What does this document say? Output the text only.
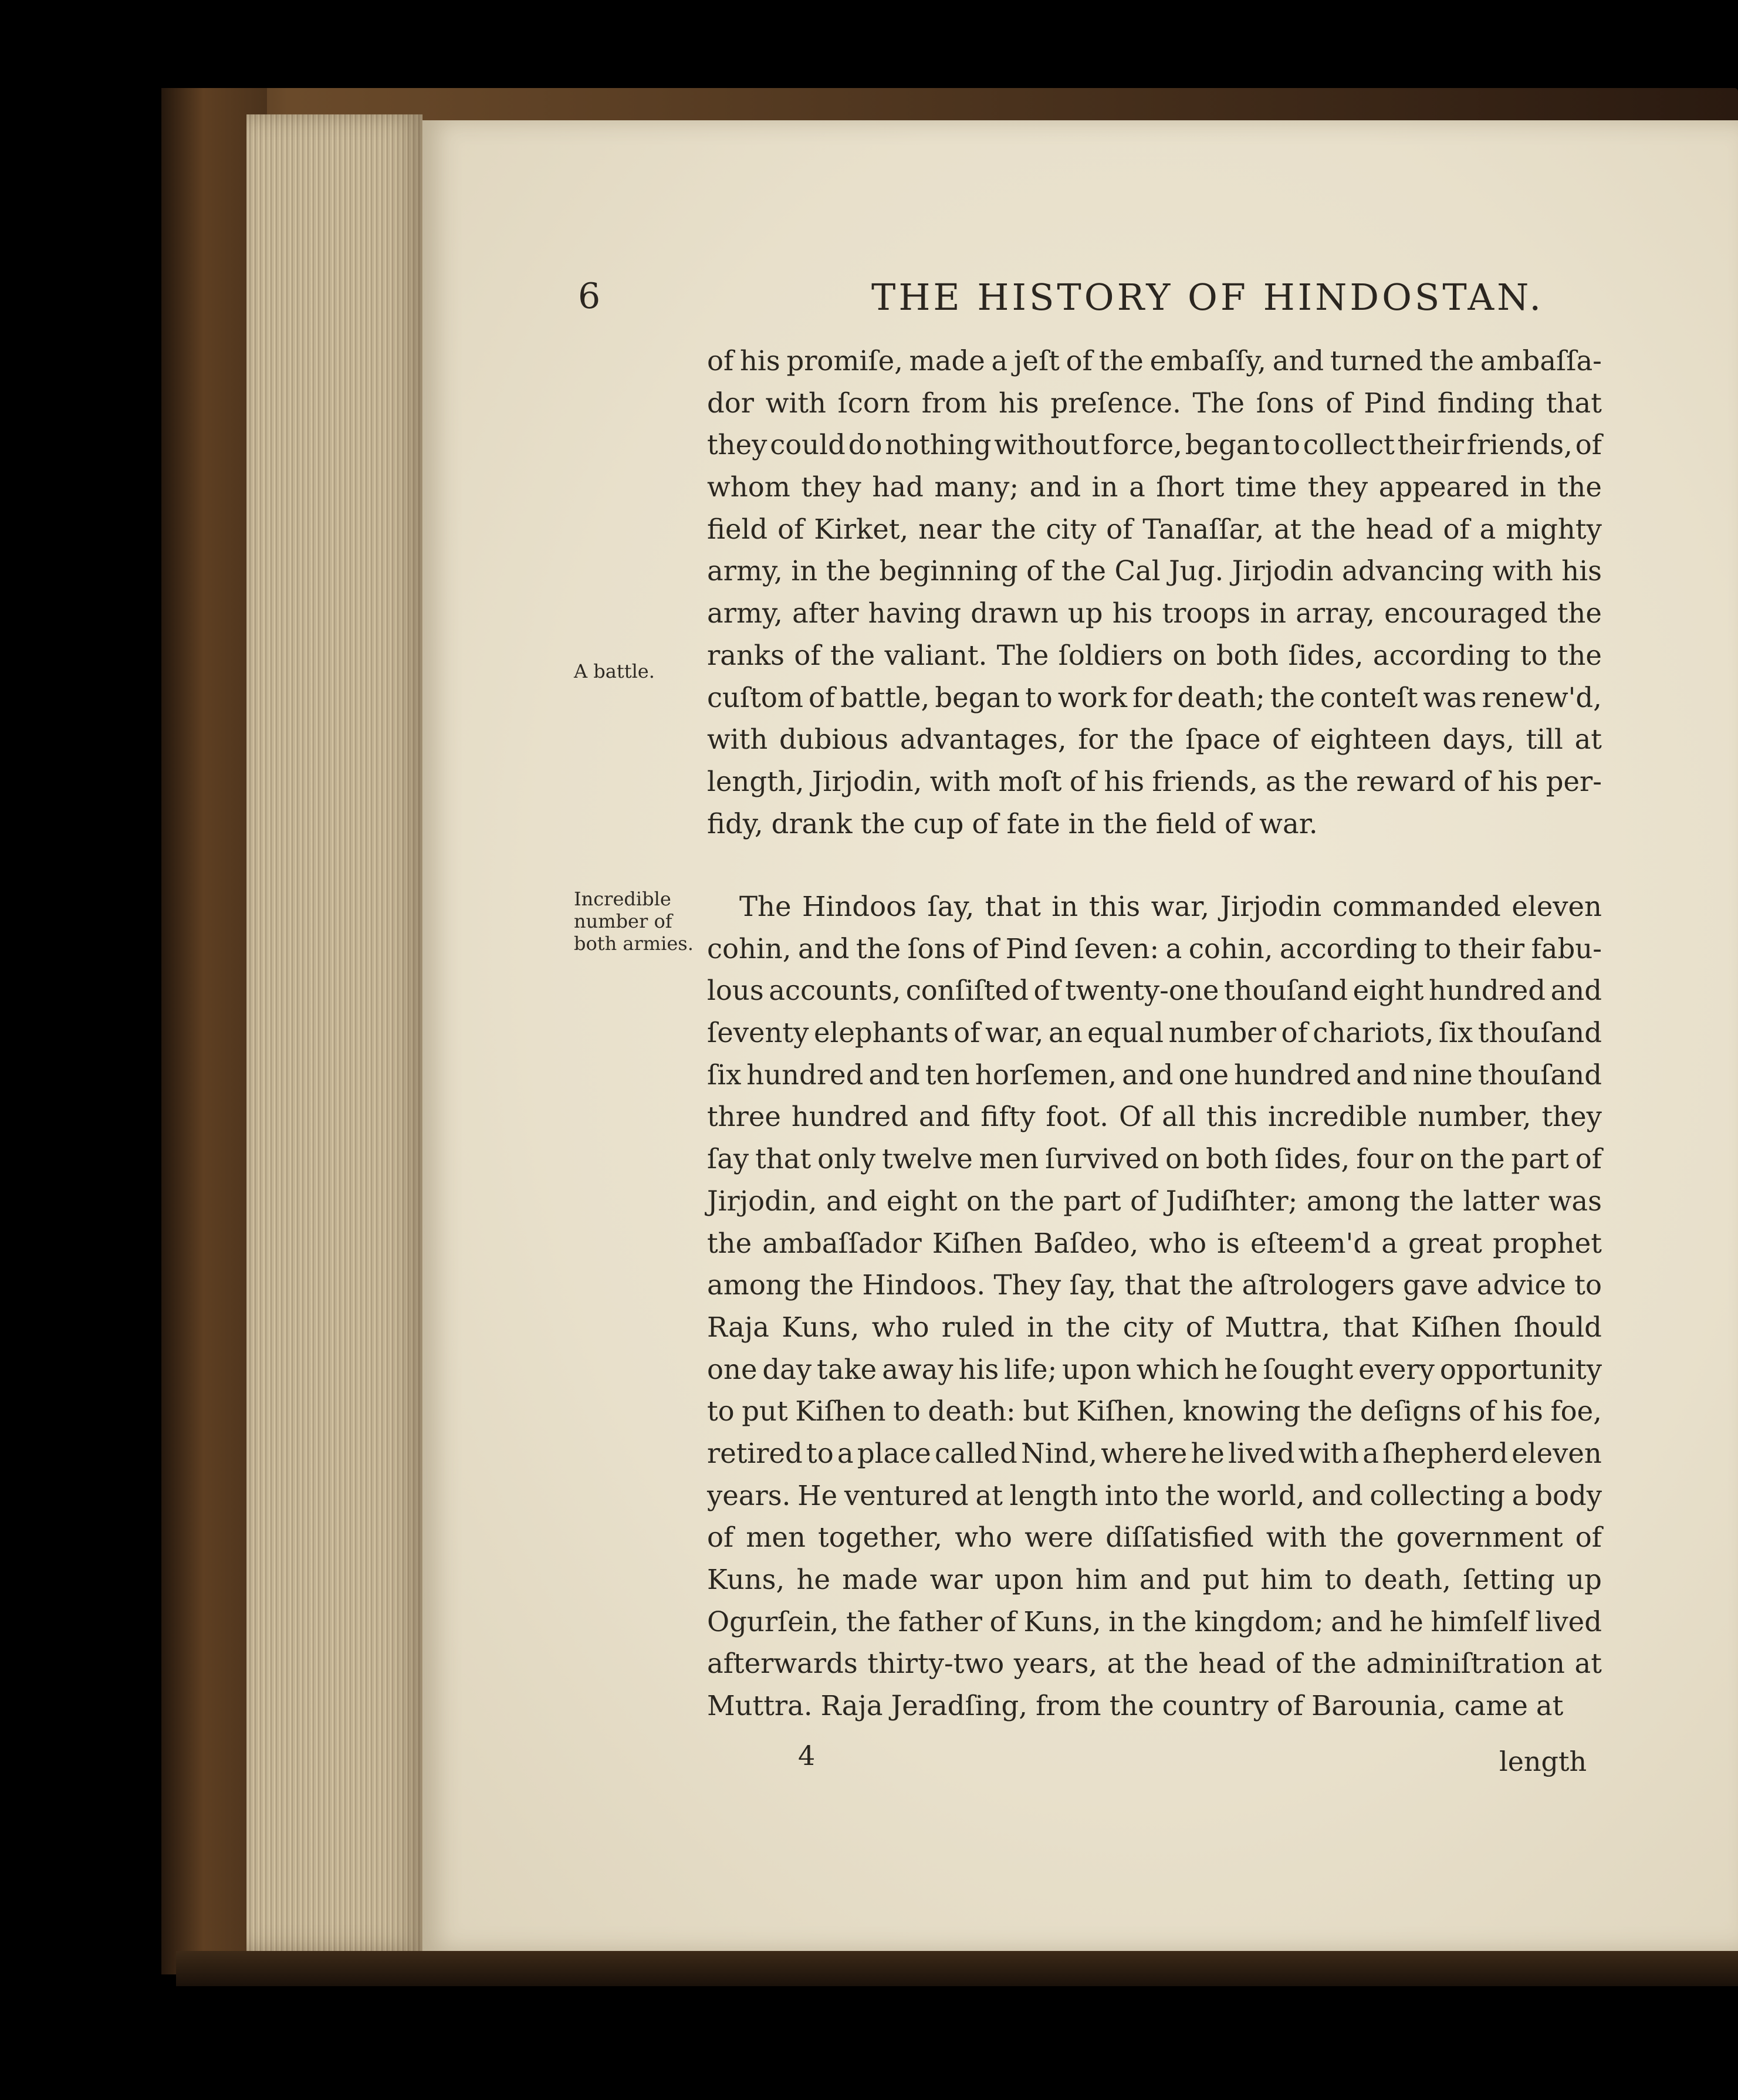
6	THE HISTORY OF HINDOSTAN.
A battle.
Incredible
number of
both armies.
of his promiſe, made a jeſt of the embaſſy, and turned the ambaſſa-
dor with ſcorn from his preſence. The ſons of Pind finding that
they could do nothing without force, began to collect their friends, of
whom they had many; and in a ſhort time they appeared in the
field of Kirket, near the city of Tanaſſar, at the head of a mighty
army, in the beginning of the Cal Jug. Jirjodin advancing with his
army, after having drawn up his troops in array, encouraged the
ranks of the valiant. The ſoldiers on both ſides, according to the
cuſtom of battle, began to work for death; the conteſt was renew'd,
with dubious advantages, for the ſpace of eighteen days, till at
length, Jirjodin, with moſt of his friends, as the reward of his per-
fidy, drank the cup of fate in the field of war.
The Hindoos ſay, that in this war, Jirjodin commanded eleven
cohin, and the ſons of Pind ſeven: a cohin, according to their fabu-
lous accounts, conſiſted of twenty-one thouſand eight hundred and
ſeventy elephants of war, an equal number of chariots, ſix thouſand
ſix hundred and ten horſemen, and one hundred and nine thouſand
three hundred and fifty foot. Of all this incredible number, they
ſay that only twelve men ſurvived on both ſides, four on the part of
Jirjodin, and eight on the part of Judiſhter; among the latter was
the ambaſſador Kiſhen Baſdeo, who is eſteem'd a great prophet
among the Hindoos. They ſay, that the aſtrologers gave advice to
Raja Kuns, who ruled in the city of Muttra, that Kiſhen ſhould
one day take away his life; upon which he ſought every opportunity
to put Kiſhen to death: but Kiſhen, knowing the deſigns of his foe,
retired to a place called Nind, where he lived with a ſhepherd eleven
years. He ventured at length into the world, and collecting a body
of men together, who were diſſatisfied with the government of
Kuns, he made war upon him and put him to death, ſetting up
Ogurſein, the father of Kuns, in the kingdom; and he himſelf lived
afterwards thirty-two years, at the head of the adminiſtration at
Muttra. Raja Jeradſing, from the country of Barounia, came at
4	length
